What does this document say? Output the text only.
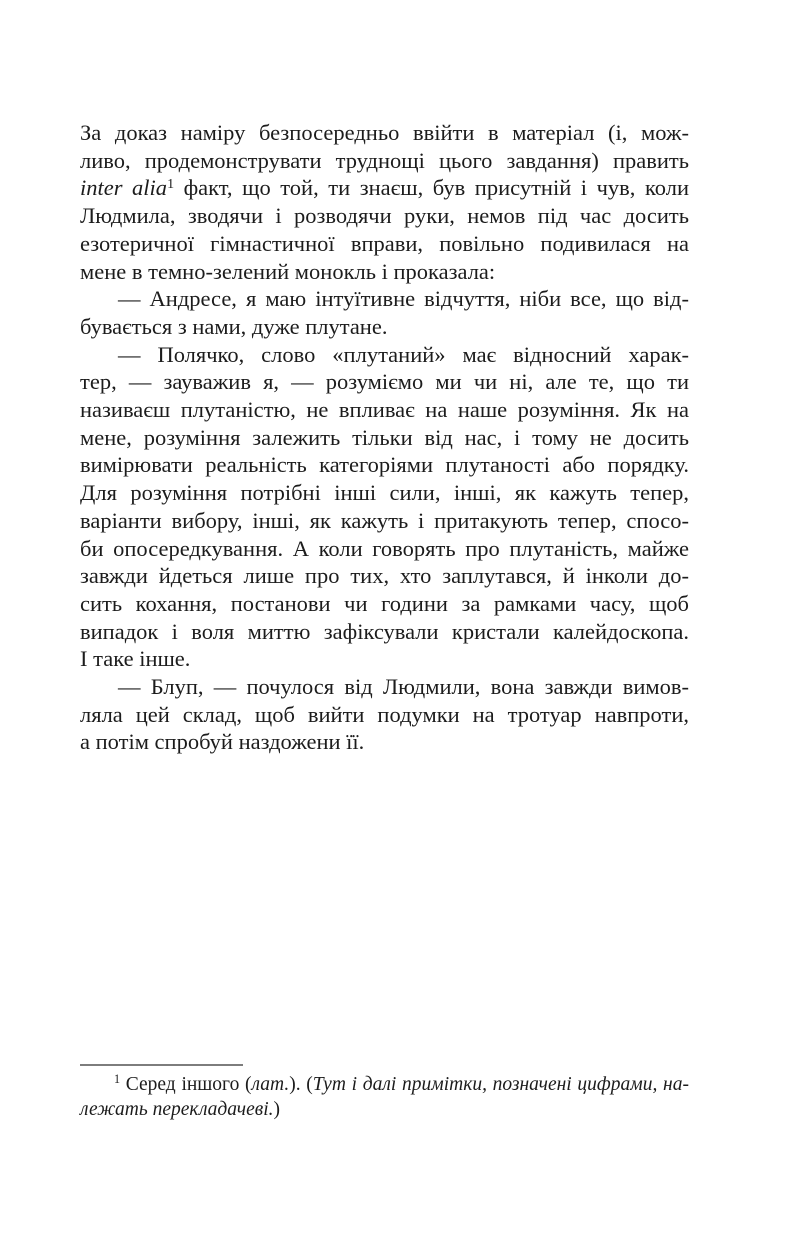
За доказ наміру безпосередньо ввійти в матеріал (і, мож-
ливо, продемонструвати труднощі цього завдання) править
inter alia$^1$ факт, що той, ти знаєш, був присутній і чув, коли
Людмила, зводячи і розводячи руки, немов під час досить
езотеричної гімнастичної вправи, повільно подивилася на
мене в темно-зелений монокль і проказала:
— Андресе, я маю інтуїтивне відчуття, ніби все, що від-
бувається з нами, дуже плутане.
— Полячко, слово «плутаний» має відносний харак-
тер, — зауважив я, — розуміємо ми чи ні, але те, що ти
називаєш плутаністю, не впливає на наше розуміння. Як на
мене, розуміння залежить тільки від нас, і тому не досить
вимірювати реальність категоріями плутаності або порядку.
Для розуміння потрібні інші сили, інші, як кажуть тепер,
варіанти вибору, інші, як кажуть і притакують тепер, спосо-
би опосередкування. А коли говорять про плутаність, майже
завжди йдеться лише про тих, хто заплутався, й інколи до-
сить кохання, постанови чи години за рамками часу, щоб
випадок і воля миттю зафіксували кристали калейдоскопа.
І таке інше.
— Блуп, — почулося від Людмили, вона завжди вимов-
ляла цей склад, щоб вийти подумки на тротуар навпроти,
а потім спробуй наздожени її.
$^1$ Серед іншого (лат.). (Тут і далі примітки, позначені цифрами, на-
лежать перекладачеві.)
